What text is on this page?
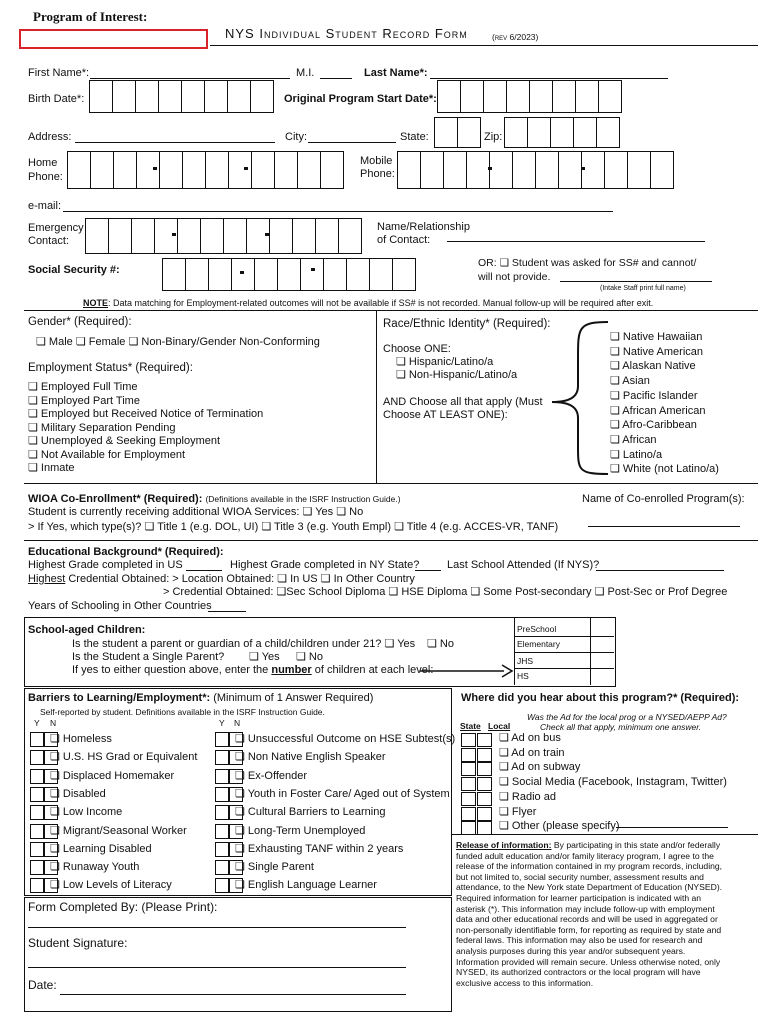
Program of Interest:
NYS Individual Student Record Form	(rev 6/2023)
First Name*:	M.I.	Last Name*:
Birth Date*:	Original Program Start Date*:
Address:	City:	State:	Zip:
Home
Phone:
Mobile
Phone:
e-mail:
Emergency
Contact:
Name/Relationship
of Contact:
Social Security #:
OR: ❏ Student was asked for SS# and cannot/
will not provide.
(Intake Staff print full name)
NOTE: Data matching for Employment-related outcomes will not be available if SS# is not recorded. Manual follow-up will be required after exit.
Gender* (Required):
❏ Male ❏ Female ❏ Non-Binary/Gender Non-Conforming
Employment Status* (Required):
❏ Employed Full Time
❏ Employed Part Time
❏ Employed but Received Notice of Termination
❏ Military Separation Pending
❏ Unemployed & Seeking Employment
❏ Not Available for Employment
❏ Inmate
Race/Ethnic Identity* (Required):
Choose ONE:
❏ Hispanic/Latino/a
❏ Non-Hispanic/Latino/a
AND Choose all that apply (Must
Choose AT LEAST ONE):
❏ Native Hawaiian
❏ Native American
❏ Alaskan Native
❏ Asian
❏ Pacific Islander
❏ African American
❏ Afro-Caribbean
❏ African
❏ Latino/a
❏ White (not Latino/a)
WIOA Co-Enrollment* (Required): (Definitions available in the ISRF Instruction Guide.)
Student is currently receiving additional WIOA Services: ❏ Yes ❏ No
> If Yes, which type(s)? ❏ Title 1 (e.g. DOL, UI) ❏ Title 3 (e.g. Youth Empl) ❏ Title 4 (e.g. ACCES-VR, TANF)
Name of Co-enrolled Program(s):
Educational Background* (Required):
Highest Grade completed in US	Highest Grade completed in NY State?	Last School Attended (If NYS)?
Highest Credential Obtained: > Location Obtained: ❏ In US ❏ In Other Country
> Credential Obtained: ❏Sec School Diploma ❏ HSE Diploma ❏ Some Post-secondary ❏ Post-Sec or Prof Degree
Years of Schooling in Other Countries
School-aged Children:
Is the student a parent or guardian of a child/children under 21? ❏ Yes ❏ No
Is the Student a Single Parent? ❏ Yes ❏ No
If yes to either question above, enter the number of children at each level:
PreSchool
Elementary
JHS
HS
Barriers to Learning/Employment*: (Minimum of 1 Answer Required)
Self-reported by student. Definitions available in the ISRF Instruction Guide.
Y N	Y N
❏ Homeless
❏ U.S. HS Grad or Equivalent
❏ Displaced Homemaker
❏ Disabled
❏ Low Income
❏ Migrant/Seasonal Worker
❏ Learning Disabled
❏ Runaway Youth
❏ Low Levels of Literacy
❏ Unsuccessful Outcome on HSE Subtest(s)
❏ Non Native English Speaker
❏ Ex-Offender
❏ Youth in Foster Care/ Aged out of System
❏ Cultural Barriers to Learning
❏ Long-Term Unemployed
❏ Exhausting TANF within 2 years
❏ Single Parent
❏ English Language Learner
Where did you hear about this program?* (Required):
Was the Ad for the local prog or a NYSED/AEPP Ad?
Check all that apply, minimum one answer.
State Local
❏ Ad on bus
❏ Ad on train
❏ Ad on subway
❏ Social Media (Facebook, Instagram, Twitter)
❏ Radio ad
❏ Flyer
❏ Other (please specify)
Form Completed By: (Please Print):
Student Signature:
Date:
Release of information: By participating in this state and/or federally
funded adult education and/or family literacy program, I agree to the
release of the information contained in my program records, including,
but not limited to, social security number, assessment results and
attendance, to the New York state Department of Education (NYSED).
Required information for learner participation is indicated with an
asterisk (*). This information may include follow-up with employment
data and other educational records and will be used in aggregated or
non-personally identifiable form, for reporting as required by state and
federal laws. This information may also be used for research and
analysis purposes during this year and/or subsequent years.
Information provided will remain secure. Unless otherwise noted, only
NYSED, its authorized contractors or the local program will have
exclusive access to this information.
